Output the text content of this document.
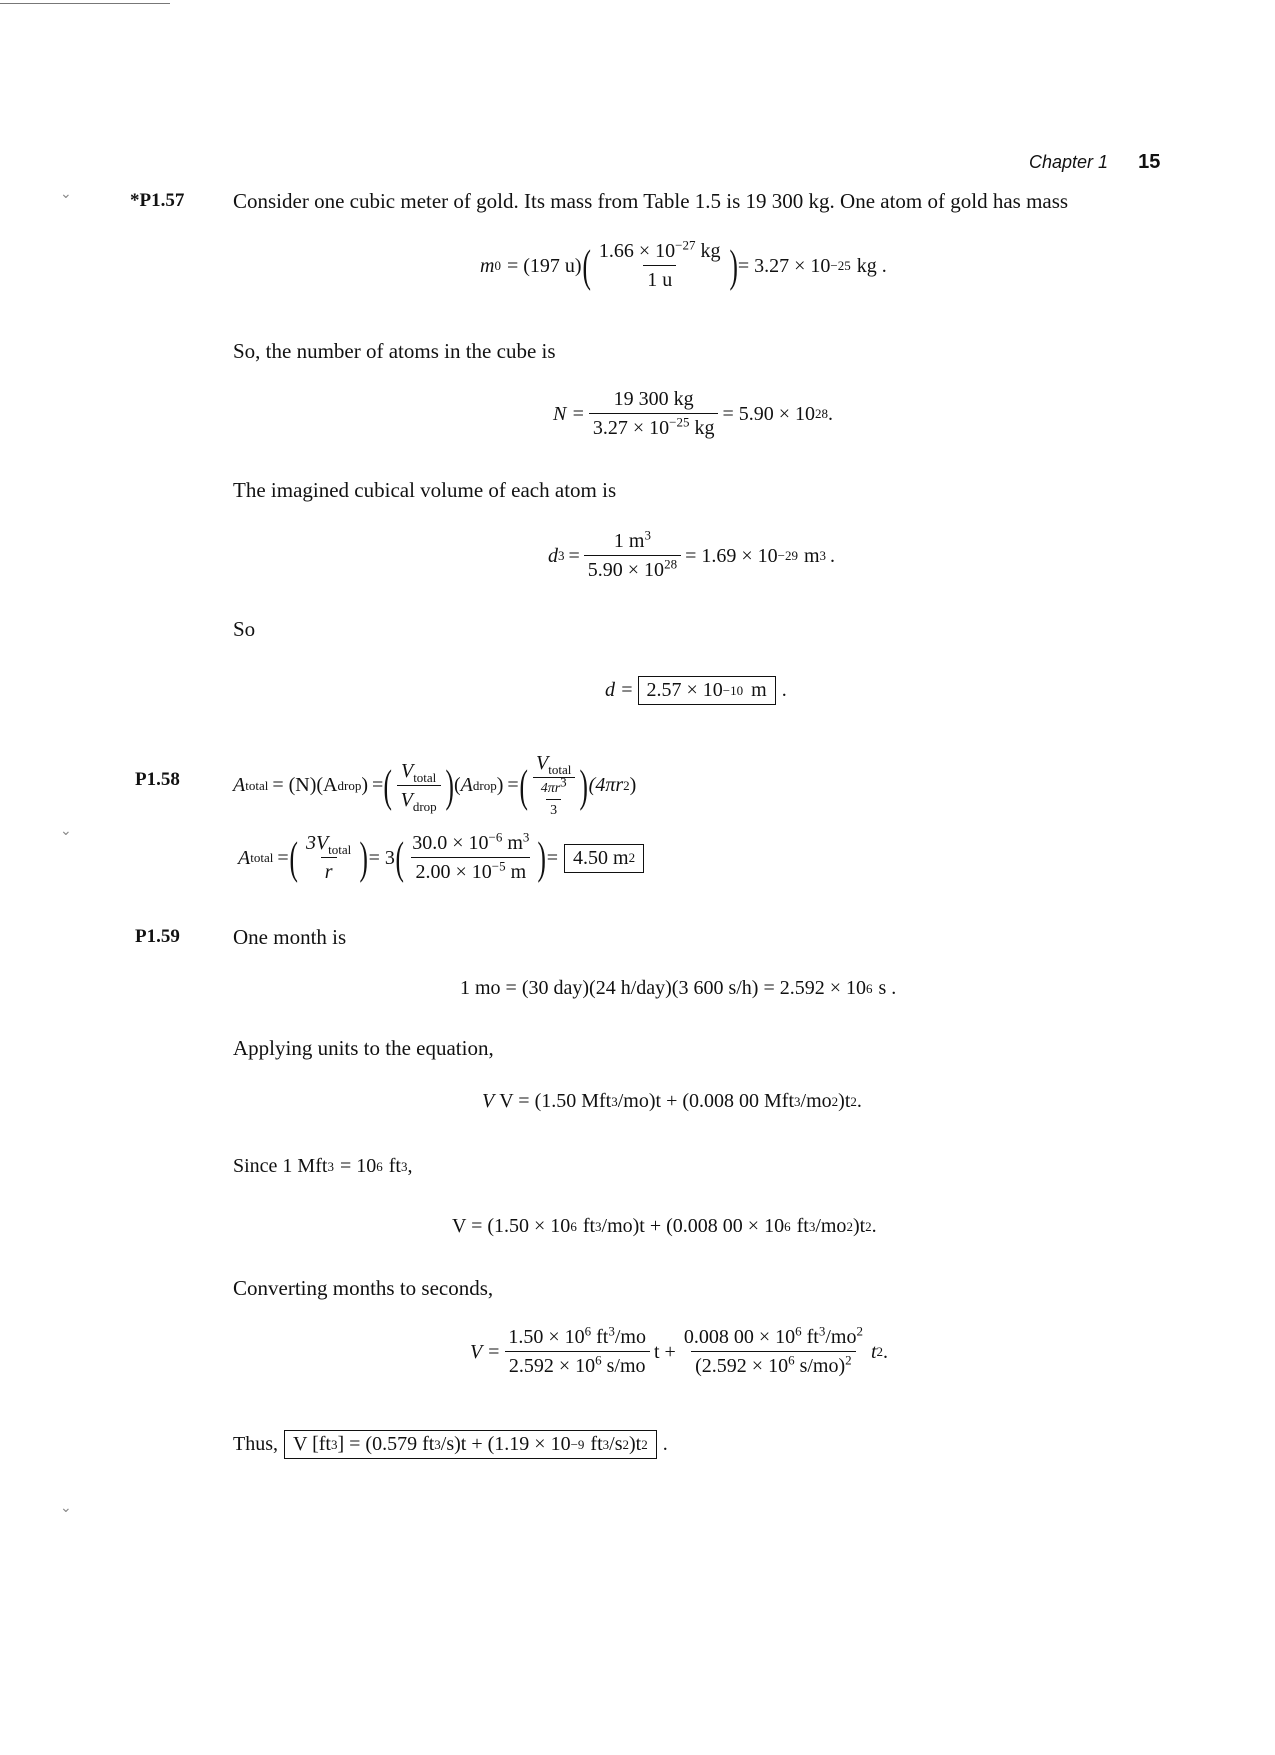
⌄
⌄
⌄
Chapter 1 15
*P1.57 Consider one cubic meter of gold. Its mass from Table 1.5 is 19 300 kg. One atom of gold has mass
m 0 = (197 u) ( $\frac{1.66 \times 10^{-27} kg}{1 u}$ ) = 3.27 × 10 −25 kg .
So, the number of atoms in the cube is
$N = \frac{19 300 kg}{3.27 \times 10^{-25} kg} = 5.90 \times 10$ 28 .
The imagined cubical volume of each atom is
d $3 = \frac{1 m^3}{5.90 \times 10^{28}} = 1.69 \times 10 -29$ m 3 .
So
d = 2.57 × 10 −10 m .
P1.58	A total = (N)(A drop ) = ( $\frac{V_{total}}{V_{drop}}$ ) ( A drop ) = ( $\frac{V_{total}}{\frac{4\pi r^3}{3}}$ ) (4πr 2 )
A total = ( $\frac{3V_{total}}{r}$ ) = 3 ( $\frac{30.0 \times 10^{-6} m^3}{2.00 \times 10^{-5} m}$ ) = 4.50 m 2
P1.59	One month is
1 mo = (30 day)(24 h/day)(3 600 s/h) = 2.592 × 10 6 s .
Applying units to the equation,
V
V = (1.50 Mft 3 /mo)t + (0.008 00 Mft 3 /mo 2 )t 2 .
Since 1 Mft 3 = 10 6 ft 3 ,
V = (1.50 × 10 6 ft 3 /mo)t + (0.008 00 × 10 6 ft 3 /mo 2 )t 2 .
Converting months to seconds,
$V = \frac{1.50 \times 10^6 ft^3/mo}{2.592 \times 10^6 s/mo}$ $t + \frac{0.008 00 \times 10^6 ft^3/mo^2}{(2.592 \times 10^6 s/mo)^2}$ t 2 .
Thus, V [ft 3 ] = (0.579 ft 3 /s)t + (1.19 × 10 −9 ft 3 /s 2 )t 2 .
